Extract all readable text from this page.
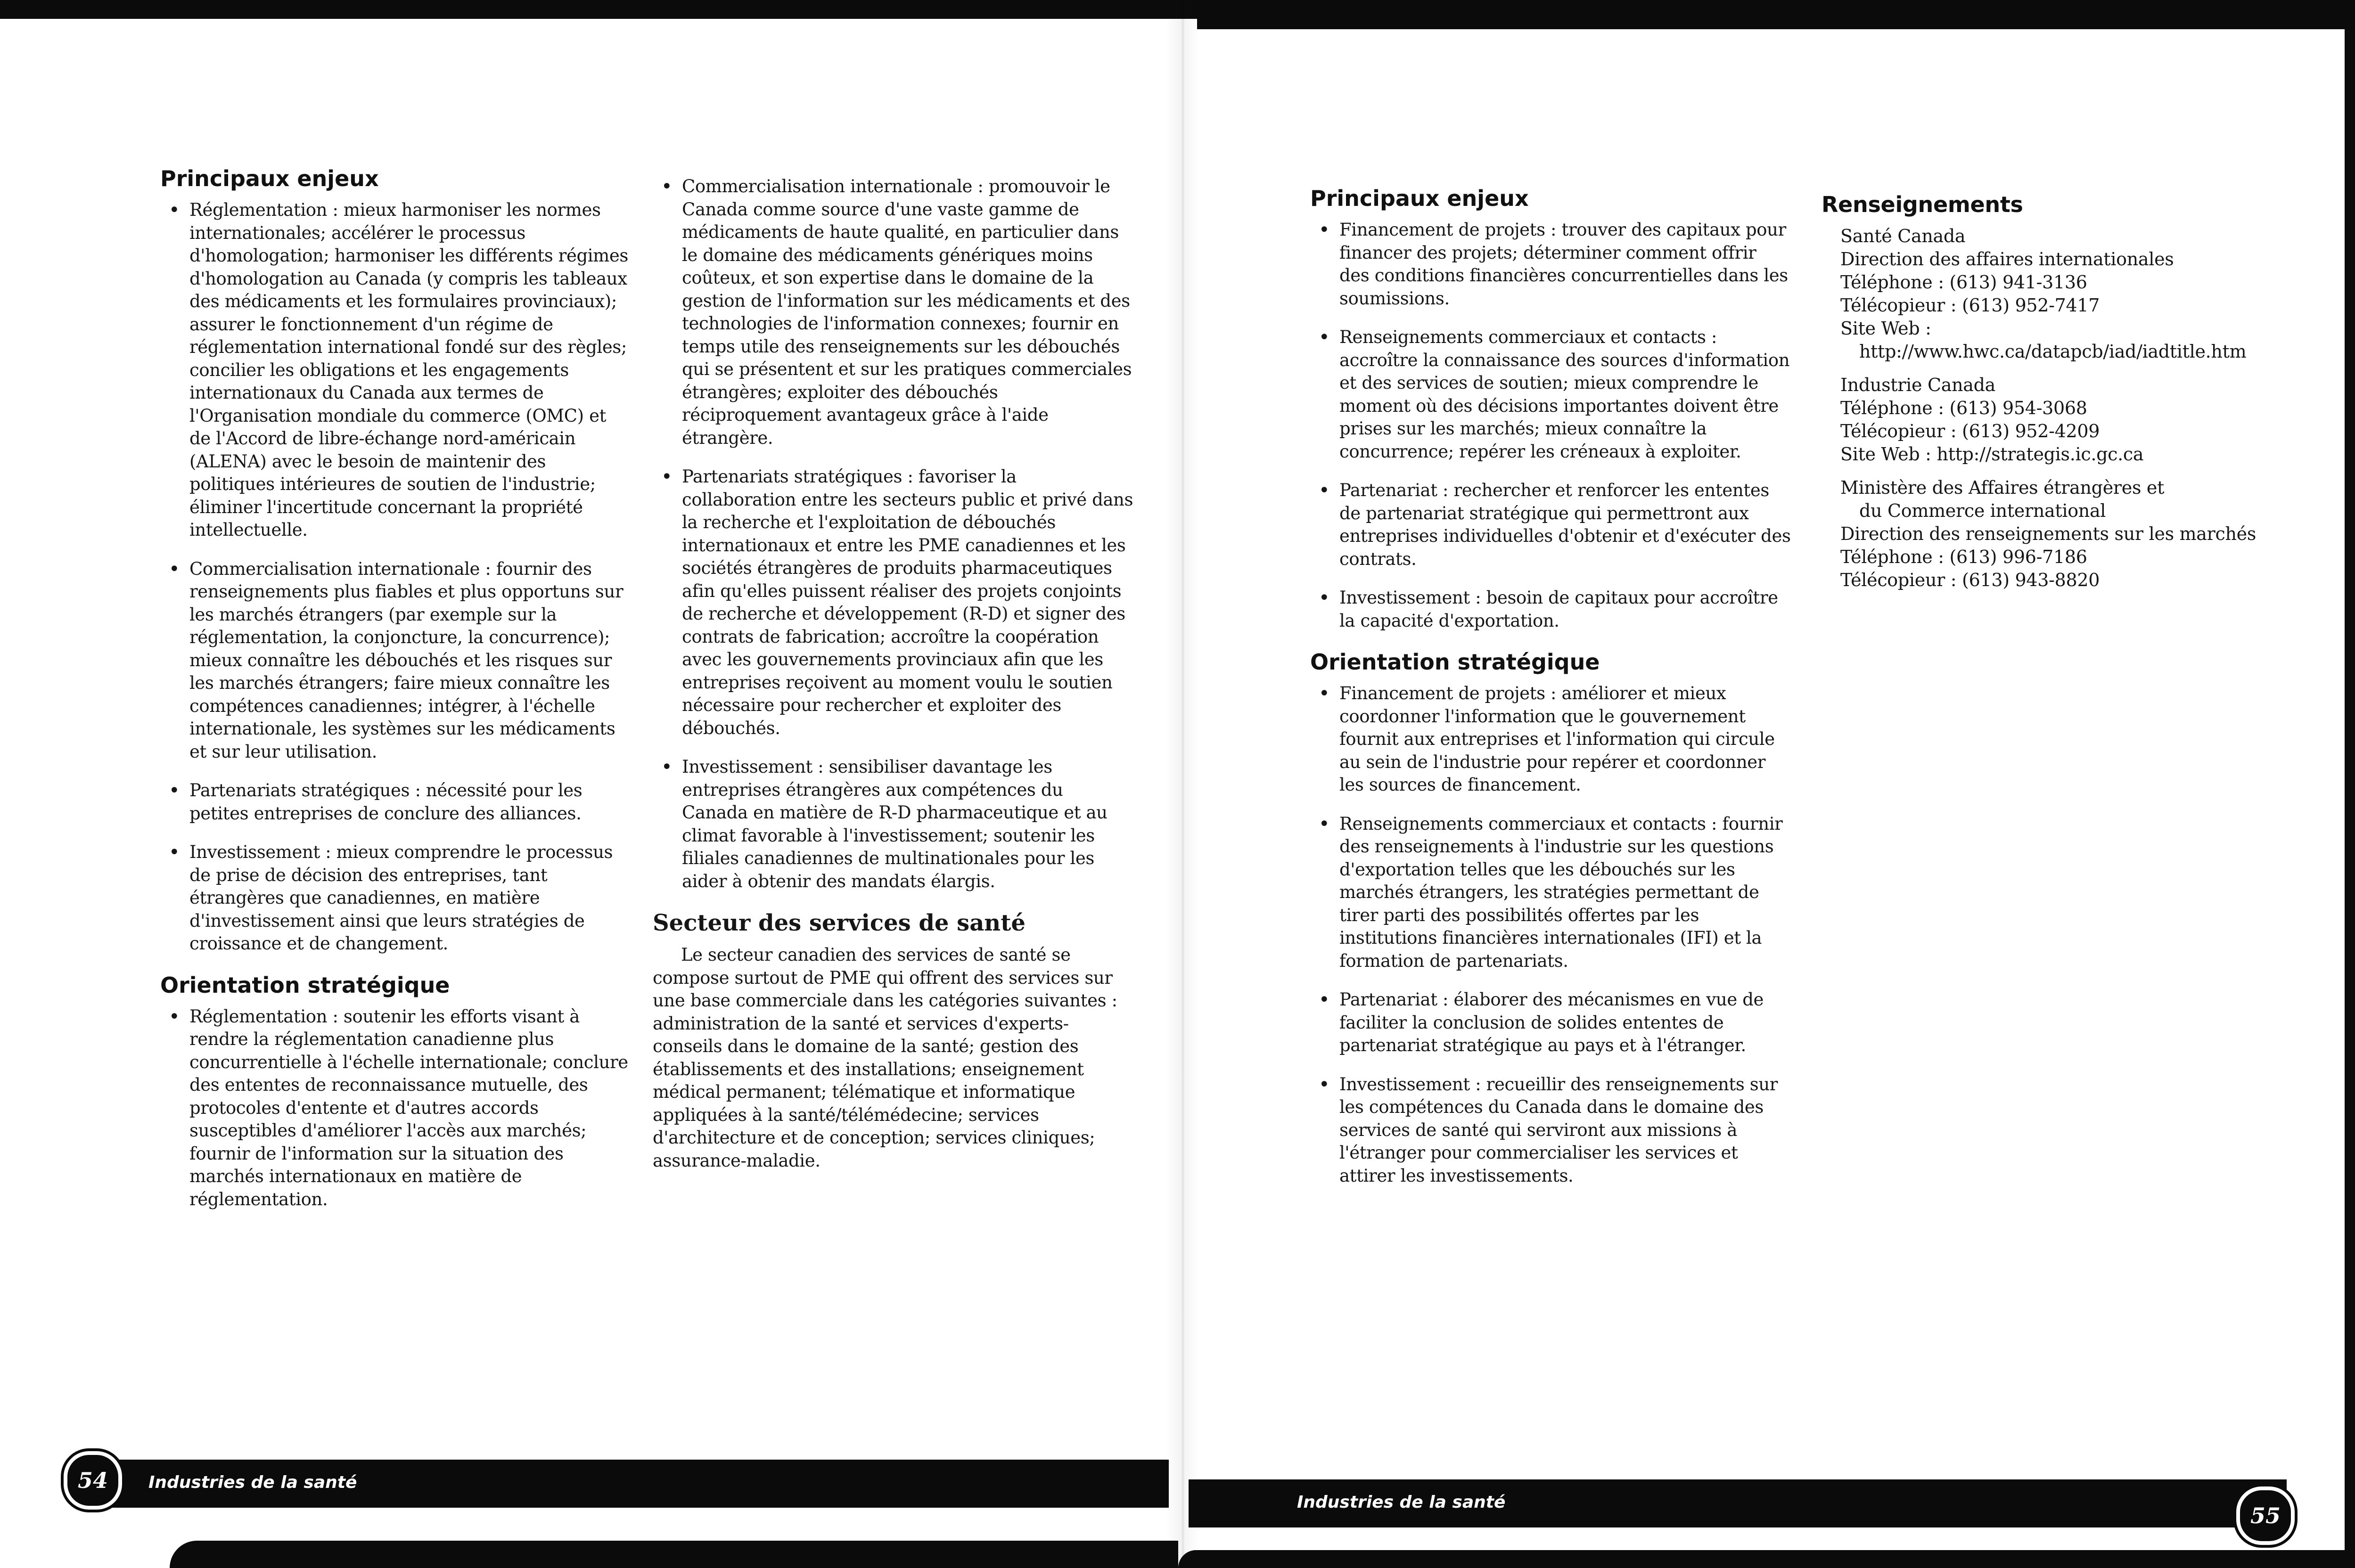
Principaux enjeux
• Réglementation : mieux harmoniser les normes internationales; accélérer le processus d'homologation; harmoniser les différents régimes d'homologation au Canada (y compris les tableaux des médicaments et les formulaires provinciaux); assurer le fonctionnement d'un régime de réglementation international fondé sur des règles; concilier les obligations et les engagements internationaux du Canada aux termes de l'Organisation mondiale du commerce (OMC) et de l'Accord de libre-échange nord-américain (ALENA) avec le besoin de maintenir des politiques intérieures de soutien de l'industrie; éliminer l'incertitude concernant la propriété intellectuelle.
• Commercialisation internationale : fournir des renseignements plus fiables et plus opportuns sur les marchés étrangers (par exemple sur la réglementation, la conjoncture, la concurrence); mieux connaître les débouchés et les risques sur les marchés étrangers; faire mieux connaître les compétences canadiennes; intégrer, à l'échelle internationale, les systèmes sur les médicaments et sur leur utilisation.
• Partenariats stratégiques : nécessité pour les petites entreprises de conclure des alliances.
• Investissement : mieux comprendre le processus de prise de décision des entreprises, tant étrangères que canadiennes, en matière d'investissement ainsi que leurs stratégies de croissance et de changement.
Orientation stratégique
• Réglementation : soutenir les efforts visant à rendre la réglementation canadienne plus concurrentielle à l'échelle internationale; conclure des ententes de reconnaissance mutuelle, des protocoles d'entente et d'autres accords susceptibles d'améliorer l'accès aux marchés; fournir de l'information sur la situation des marchés internationaux en matière de réglementation.
• Commercialisation internationale : promouvoir le Canada comme source d'une vaste gamme de médicaments de haute qualité, en particulier dans le domaine des médicaments génériques moins coûteux, et son expertise dans le domaine de la gestion de l'information sur les médicaments et des technologies de l'information connexes; fournir en temps utile des renseignements sur les débouchés qui se présentent et sur les pratiques commerciales étrangères; exploiter des débouchés réciproquement avantageux grâce à l'aide étrangère.
• Partenariats stratégiques : favoriser la collaboration entre les secteurs public et privé dans la recherche et l'exploitation de débouchés internationaux et entre les PME canadiennes et les sociétés étrangères de produits pharmaceutiques afin qu'elles puissent réaliser des projets conjoints de recherche et développement (R-D) et signer des contrats de fabrication; accroître la coopération avec les gouvernements provinciaux afin que les entreprises reçoivent au moment voulu le soutien nécessaire pour rechercher et exploiter des débouchés.
• Investissement : sensibiliser davantage les entreprises étrangères aux compétences du Canada en matière de R-D pharmaceutique et au climat favorable à l'investissement; soutenir les filiales canadiennes de multinationales pour les aider à obtenir des mandats élargis.
Secteur des services de santé

Le secteur canadien des services de santé se compose surtout de PME qui offrent des services sur une base commerciale dans les catégories suivantes : administration de la santé et services d'experts-conseils dans le domaine de la santé; gestion des établissements et des installations; enseignement médical permanent; télématique et informatique appliquées à la santé/télémédecine; services d'architecture et de conception; services cliniques; assurance-maladie.

Principaux enjeux
• Financement de projets : trouver des capitaux pour financer des projets; déterminer comment offrir des conditions financières concurrentielles dans les soumissions.
• Renseignements commerciaux et contacts : accroître la connaissance des sources d'information et des services de soutien; mieux comprendre le moment où des décisions importantes doivent être prises sur les marchés; mieux connaître la concurrence; repérer les créneaux à exploiter.
• Partenariat : rechercher et renforcer les ententes de partenariat stratégique qui permettront aux entreprises individuelles d'obtenir et d'exécuter des contrats.
• Investissement : besoin de capitaux pour accroître la capacité d'exportation.
Orientation stratégique
• Financement de projets : améliorer et mieux coordonner l'information que le gouvernement fournit aux entreprises et l'information qui circule au sein de l'industrie pour repérer et coordonner les sources de financement.
• Renseignements commerciaux et contacts : fournir des renseignements à l'industrie sur les questions d'exportation telles que les débouchés sur les marchés étrangers, les stratégies permettant de tirer parti des possibilités offertes par les institutions financières internationales (IFI) et la formation de partenariats.
• Partenariat : élaborer des mécanismes en vue de faciliter la conclusion de solides ententes de partenariat stratégique au pays et à l'étranger.
• Investissement : recueillir des renseignements sur les compétences du Canada dans le domaine des services de santé qui serviront aux missions à l'étranger pour commercialiser les services et attirer les investissements.
Renseignements
Santé Canada
Direction des affaires internationales
Téléphone : (613) 941-3136
Télécopieur : (613) 952-7417
Site Web :
http://www.hwc.ca/datapcb/iad/iadtitle.htm
Industrie Canada
Téléphone : (613) 954-3068
Télécopieur : (613) 952-4209
Site Web : http://strategis.ic.gc.ca
Ministère des Affaires étrangères et
du Commerce international
Direction des renseignements sur les marchés
Téléphone : (613) 996-7186
Télécopieur : (613) 943-8820
Industries de la santé
54
Industries de la santé
55
